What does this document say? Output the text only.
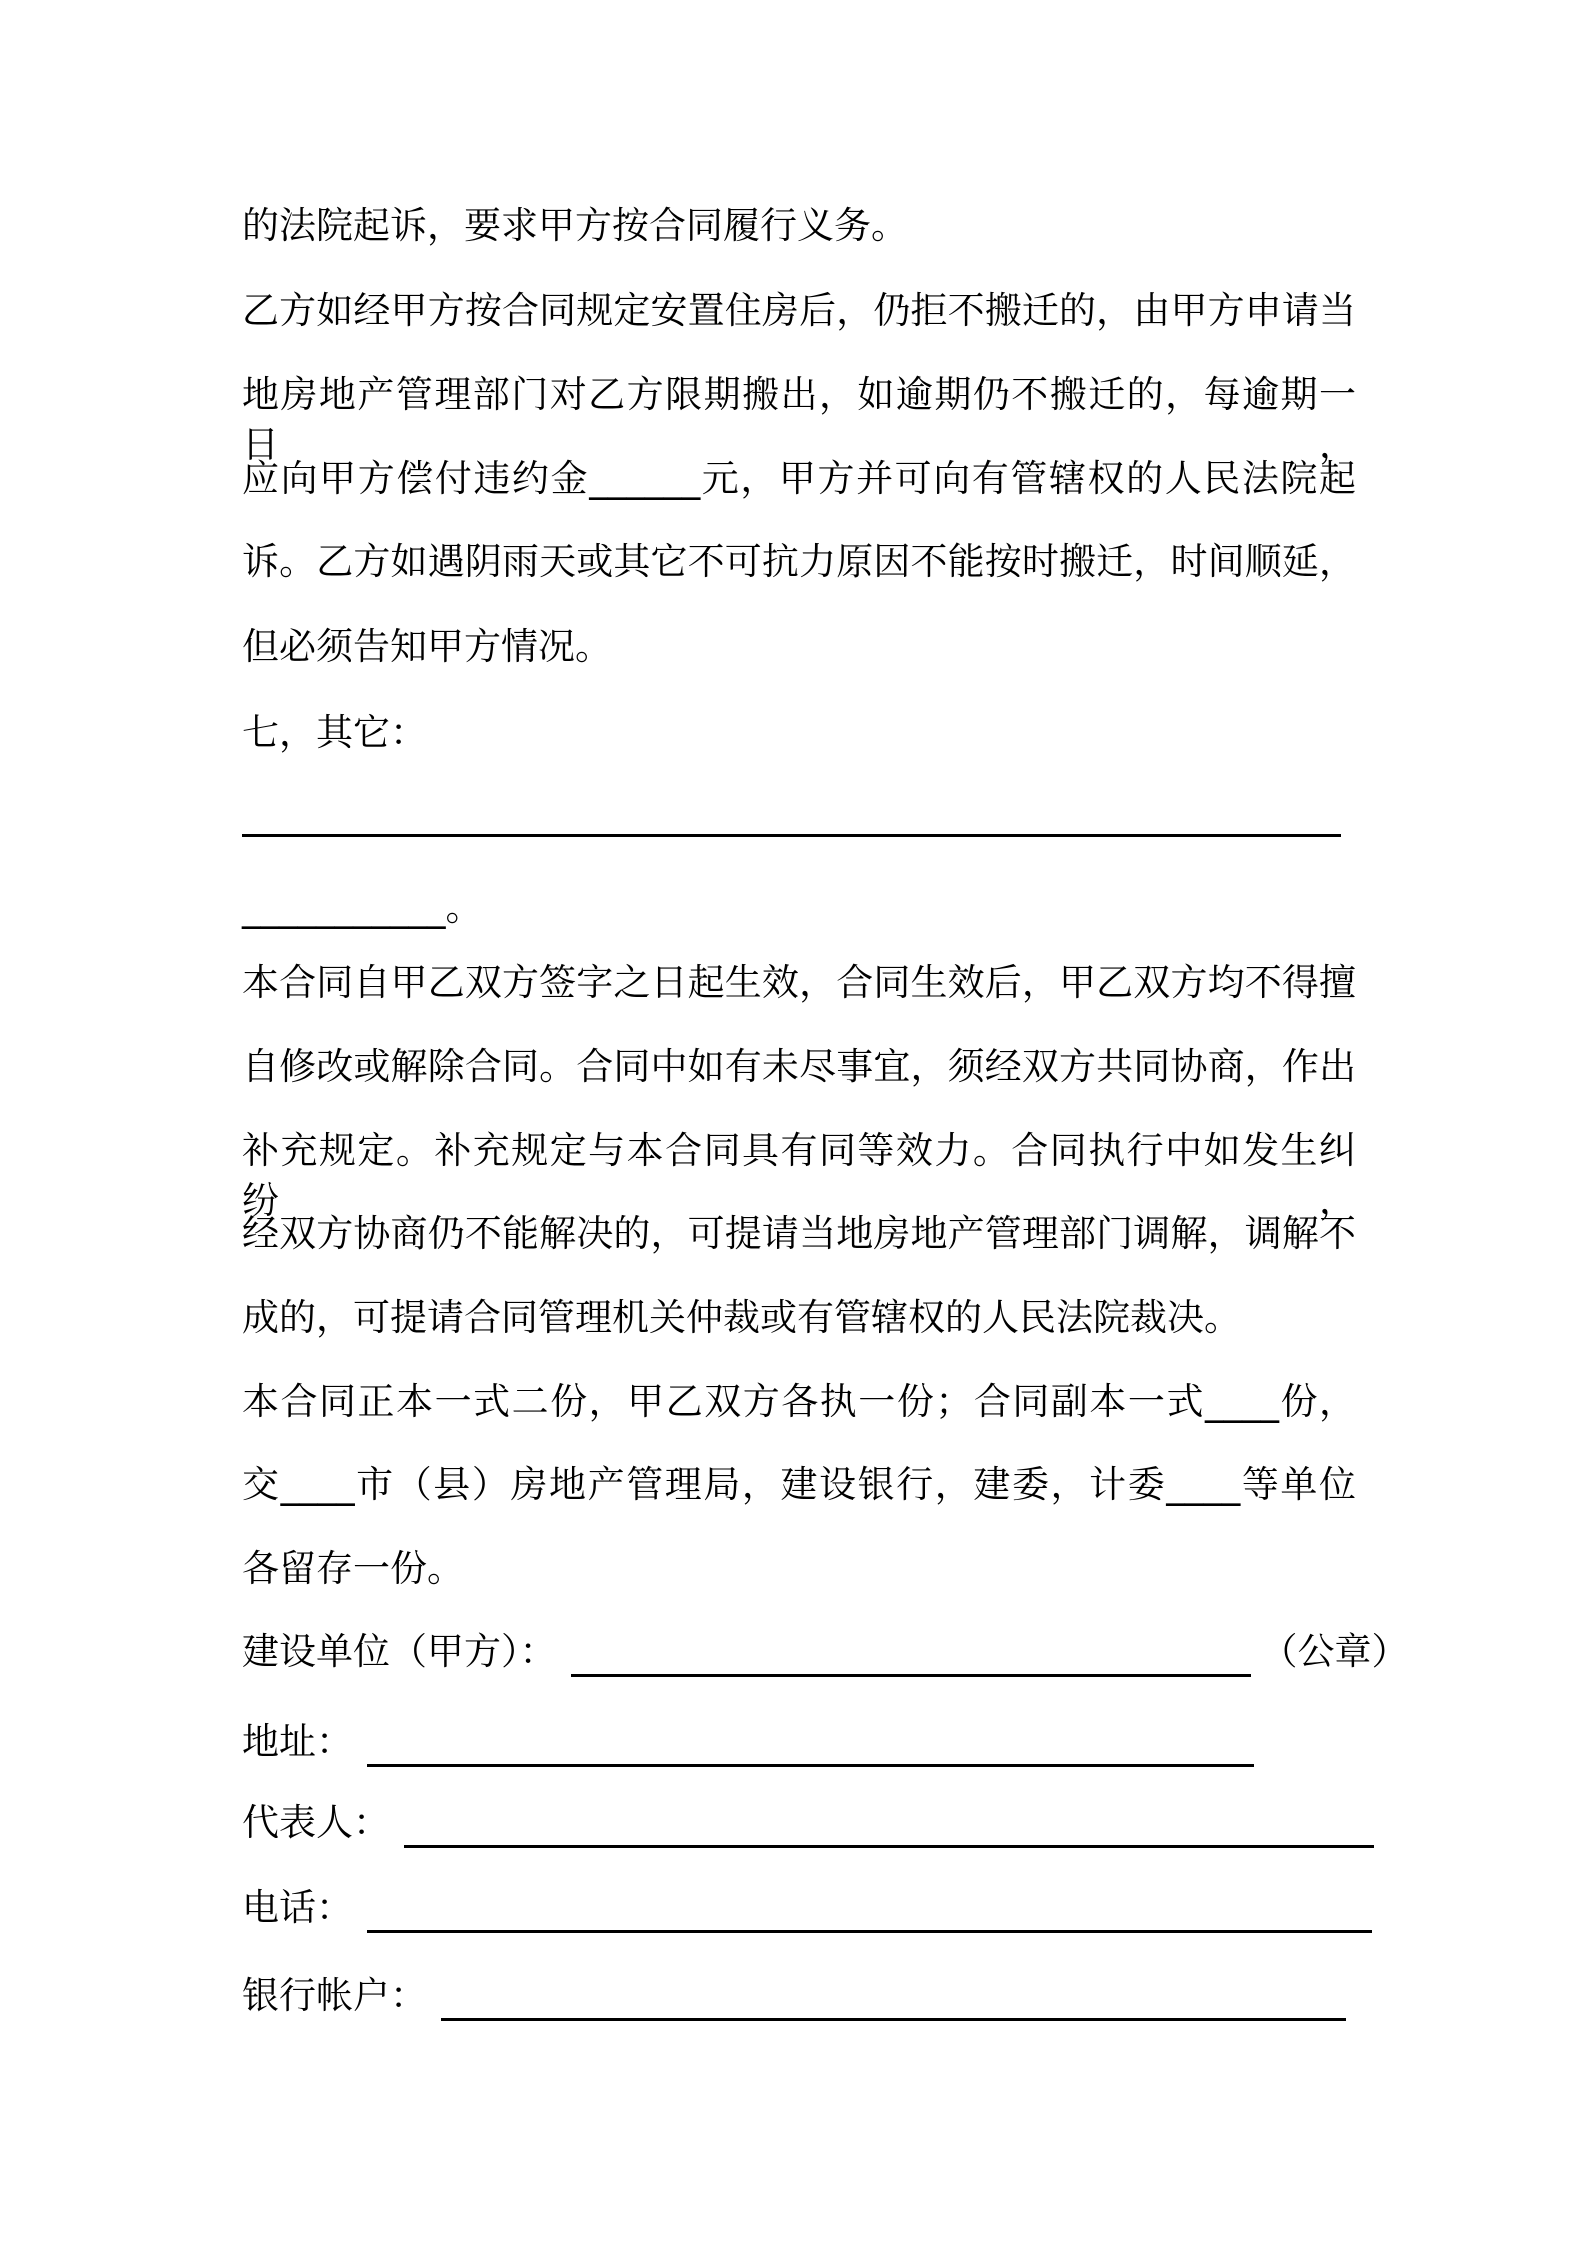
的法院起诉，要求甲方按合同履行义务。
乙方如经甲方按合同规定安置住房后，仍拒不搬迁的，由甲方申请当
地房地产管理部门对乙方限期搬出，如逾期仍不搬迁的，每逾期一日，
应向甲方偿付违约金______元，甲方并可向有管辖权的人民法院起
诉。乙方如遇阴雨天或其它不可抗力原因不能按时搬迁，时间顺延，
但必须告知甲方情况。
七，其它：
___________。
本合同自甲乙双方签字之日起生效，合同生效后，甲乙双方均不得擅
自修改或解除合同。合同中如有未尽事宜，须经双方共同协商，作出
补充规定。补充规定与本合同具有同等效力。合同执行中如发生纠纷，
经双方协商仍不能解决的，可提请当地房地产管理部门调解，调解不
成的，可提请合同管理机关仲裁或有管辖权的人民法院裁决。
本合同正本一式二份，甲乙双方各执一份；合同副本一式____份，
交____市（县）房地产管理局，建设银行，建委，计委____等单位
各留存一份。
建设单位（甲方）：	（公章）
地址：
代表人：
电话：
银行帐户：
